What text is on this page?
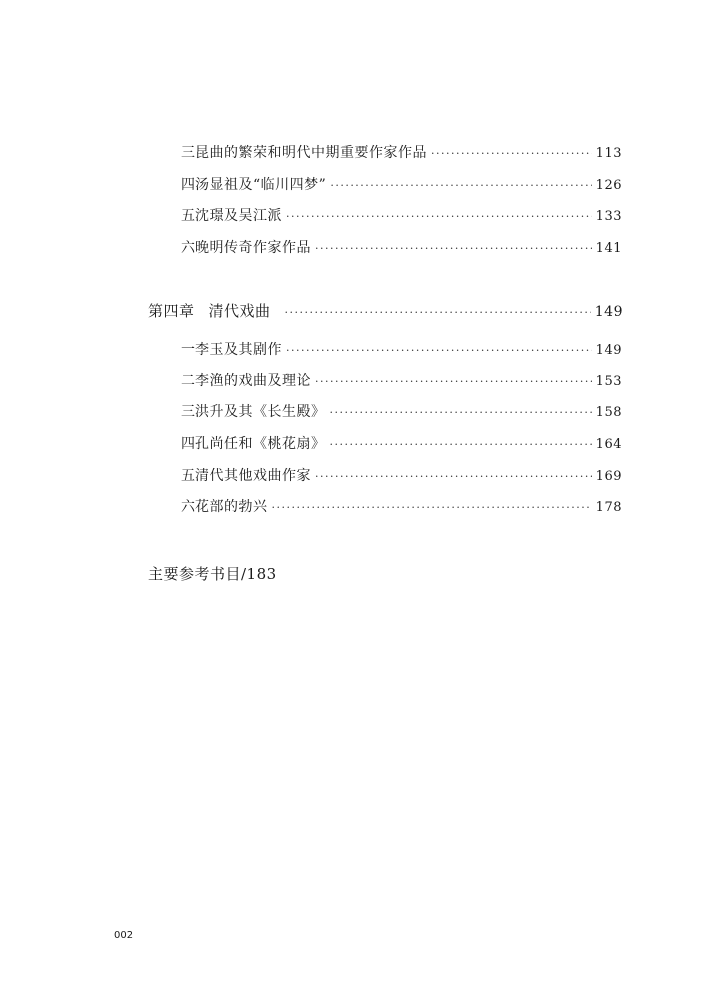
三 昆曲的繁荣和明代中期重要作家作品 ·····	113
四 汤显祖及“临川四梦” ·····	126
五 沈璟及吴江派 ·····	133
六 晚明传奇作家作品 ·····	141
第四章 清代戏曲 ·····	149
一 李玉及其剧作 ·····	149
二 李渔的戏曲及理论 ·····	153
三 洪升及其《长生殿》 ·····	158
四 孔尚任和《桃花扇》 ·····	164
五 清代其他戏曲作家 ·····	169
六 花部的勃兴 ·····	178
主要参考书目/183
002
